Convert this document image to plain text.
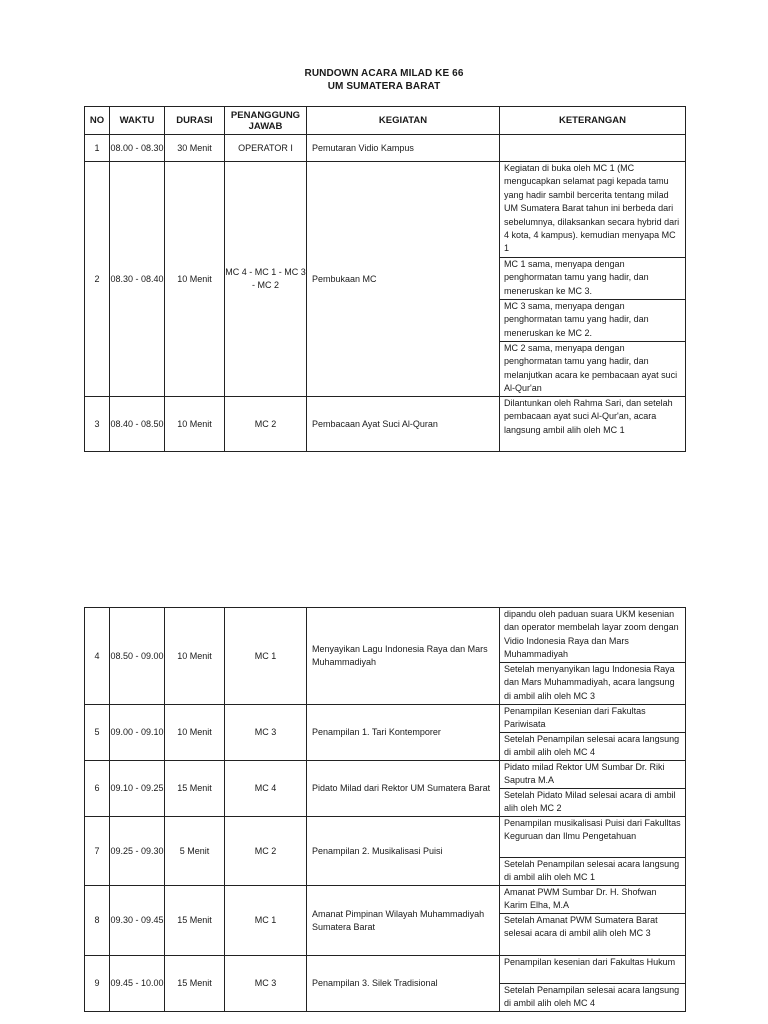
RUNDOWN ACARA MILAD KE 66
UM SUMATERA BARAT
NO	WAKTU	DURASI	PENANGGUNG JAWAB	KEGIATAN	KETERANGAN
1	08.00 - 08.30	30 Menit	OPERATOR I	Pemutaran Vidio Kampus	
2	08.30 - 08.40	10 Menit	MC 4 - MC 1 - MC 3 - MC 2	Pembukaan MC	Kegiatan di buka oleh MC 1 (MC mengucapkan selamat pagi kepada tamu yang hadir sambil bercerita tentang milad UM Sumatera Barat tahun ini berbeda dari sebelumnya, dilaksankan secara hybrid dari 4 kota, 4 kampus). kemudian menyapa MC 1
					MC 1 sama, menyapa dengan penghormatan tamu yang hadir, dan meneruskan ke MC 3.
					MC 3 sama, menyapa dengan penghormatan tamu yang hadir, dan meneruskan ke MC 2.
					MC 2 sama, menyapa dengan penghormatan tamu yang hadir, dan melanjutkan acara ke pembacaan ayat suci Al-Qur'an
3	08.40 - 08.50	10 Menit	MC 2	Pembacaan Ayat Suci Al-Quran	Dilantunkan oleh Rahma Sari, dan setelah pembacaan ayat suci Al-Qur'an, acara langsung ambil alih oleh MC 1
4	08.50 - 09.00	10 Menit	MC 1	Menyayikan Lagu Indonesia Raya dan Mars Muhammadiyah	dipandu oleh paduan suara UKM kesenian dan operator membelah layar zoom dengan Vidio Indonesia Raya dan Mars Muhammadiyah
					Setelah menyanyikan lagu Indonesia Raya dan Mars Muhammadiyah, acara langsung di ambil alih oleh MC 3
5	09.00 - 09.10	10 Menit	MC 3	Penampilan 1. Tari Kontemporer	Penampilan Kesenian dari Fakultas Pariwisata
					Setelah Penampilan selesai acara langsung di ambil alih oleh MC 4
6	09.10 - 09.25	15 Menit	MC 4	Pidato Milad dari Rektor UM Sumatera Barat	Pidato milad Rektor UM Sumbar Dr. Riki Saputra M.A
					Setelah Pidato Milad selesai acara di ambil alih oleh MC 2
7	09.25 - 09.30	5 Menit	MC 2	Penampilan 2. Musikalisasi Puisi	Penampilan musikalisasi Puisi dari Fakulltas Keguruan dan Ilmu Pengetahuan
					Setelah Penampilan selesai acara langsung di ambil alih oleh MC 1
8	09.30 - 09.45	15 Menit	MC 1	Amanat Pimpinan Wilayah Muhammadiyah Sumatera Barat	Amanat PWM Sumbar Dr. H. Shofwan Karim Elha, M.A
					Setelah Amanat PWM Sumatera Barat selesai acara di ambil alih oleh MC 3
9	09.45 - 10.00	15 Menit	MC 3	Penampilan 3. Silek Tradisional	Penampilan kesenian dari Fakultas Hukum
					Setelah Penampilan selesai acara langsung di ambil alih oleh MC 4
